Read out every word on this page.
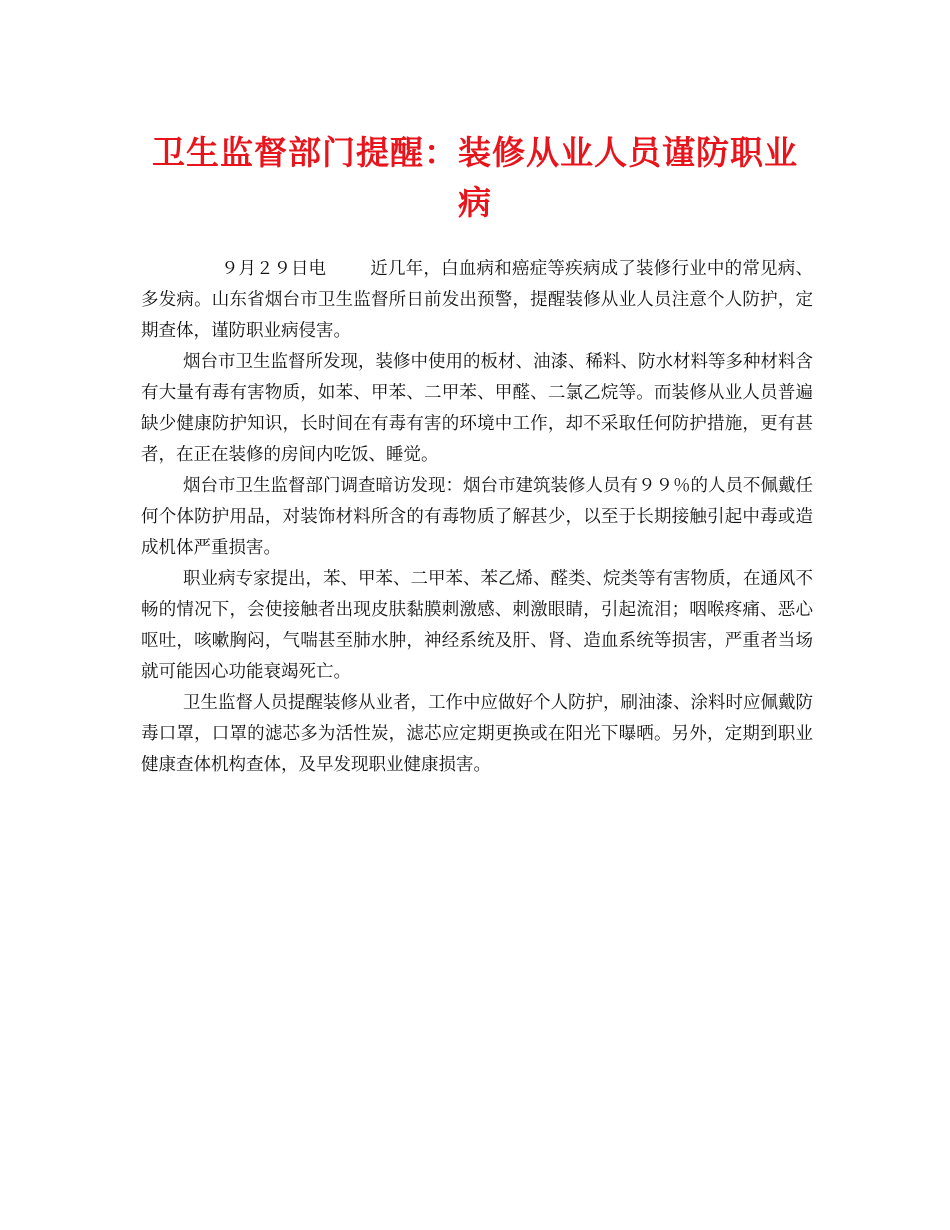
卫生监督部门提醒：装修从业人员谨防职业病

９月２９日电	近几年，白血病和癌症等疾病成了装修行业中的常见病、多发病。山东省烟台市卫生监督所日前发出预警，提醒装修从业人员注意个人防护，定期查体，谨防职业病侵害。

烟台市卫生监督所发现，装修中使用的板材、油漆、稀料、防水材料等多种材料含有大量有毒有害物质，如苯、甲苯、二甲苯、甲醛、二氯乙烷等。而装修从业人员普遍缺少健康防护知识，长时间在有毒有害的环境中工作，却不采取任何防护措施，更有甚者，在正在装修的房间内吃饭、睡觉。

烟台市卫生监督部门调查暗访发现：烟台市建筑装修人员有９９％的人员不佩戴任何个体防护用品，对装饰材料所含的有毒物质了解甚少，以至于长期接触引起中毒或造成机体严重损害。

职业病专家提出，苯、甲苯、二甲苯、苯乙烯、醛类、烷类等有害物质，在通风不畅的情况下，会使接触者出现皮肤黏膜刺激感、刺激眼睛，引起流泪；咽喉疼痛、恶心呕吐，咳嗽胸闷，气喘甚至肺水肿，神经系统及肝、肾、造血系统等损害，严重者当场就可能因心功能衰竭死亡。

卫生监督人员提醒装修从业者，工作中应做好个人防护，刷油漆、涂料时应佩戴防毒口罩，口罩的滤芯多为活性炭，滤芯应定期更换或在阳光下曝晒。另外，定期到职业健康查体机构查体，及早发现职业健康损害。
